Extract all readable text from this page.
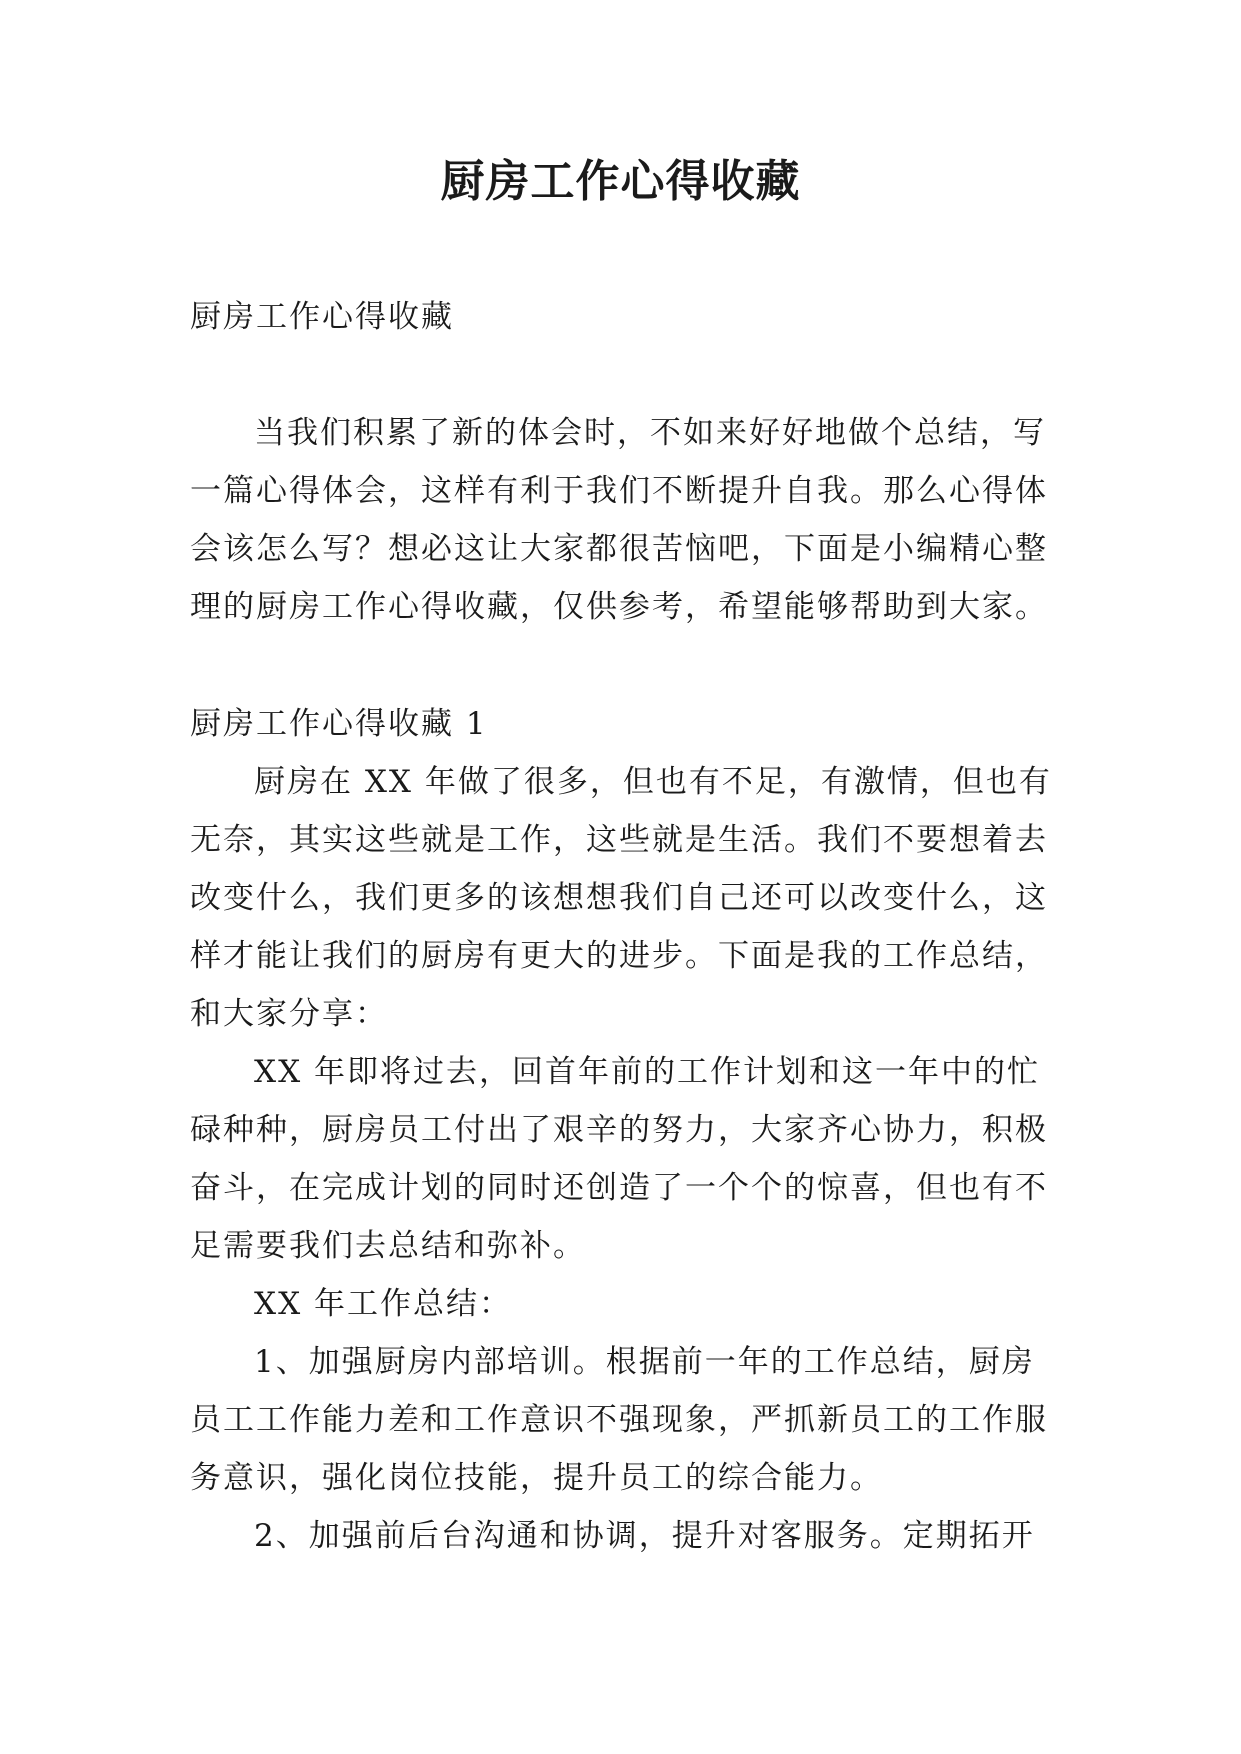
厨房工作心得收藏
厨房工作心得收藏

当我们积累了新的体会时，不如来好好地做个总结，写一篇心得体会，这样有利于我们不断提升自我。那么心得体会该怎么写？想必这让大家都很苦恼吧，下面是小编精心整理的厨房工作心得收藏，仅供参考，希望能够帮助到大家。

厨房工作心得收藏 1

厨房在 XX 年做了很多，但也有不足，有激情，但也有无奈，其实这些就是工作，这些就是生活。我们不要想着去改变什么，我们更多的该想想我们自己还可以改变什么，这样才能让我们的厨房有更大的进步。下面是我的工作总结，和大家分享：

XX 年即将过去，回首年前的工作计划和这一年中的忙碌种种，厨房员工付出了艰辛的努力，大家齐心协力，积极奋斗，在完成计划的同时还创造了一个个的惊喜，但也有不足需要我们去总结和弥补。

XX 年工作总结：

1、加强厨房内部培训。根据前一年的工作总结，厨房员工工作能力差和工作意识不强现象，严抓新员工的工作服务意识，强化岗位技能，提升员工的综合能力。

2、加强前后台沟通和协调，提升对客服务。定期拓开
